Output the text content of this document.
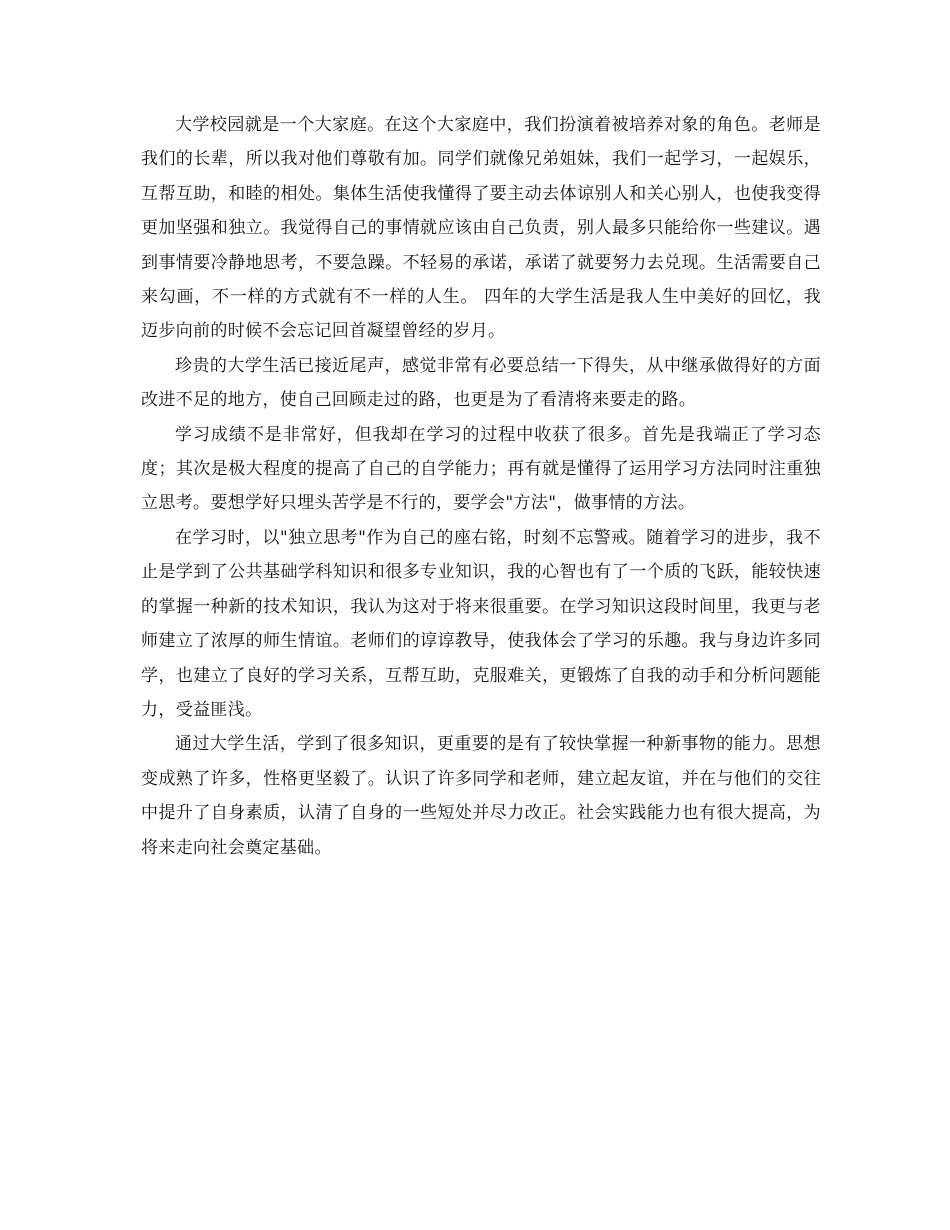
大学校园就是一个大家庭。在这个大家庭中，我们扮演着被培养对象的角色。老师是我们的长辈，所以我对他们尊敬有加。同学们就像兄弟姐妹，我们一起学习，一起娱乐，互帮互助，和睦的相处。集体生活使我懂得了要主动去体谅别人和关心别人，也使我变得更加坚强和独立。我觉得自己的事情就应该由自己负责，别人最多只能给你一些建议。遇到事情要冷静地思考，不要急躁。不轻易的承诺，承诺了就要努力去兑现。生活需要自己来勾画，不一样的方式就有不一样的人生。 四年的大学生活是我人生中美好的回忆，我迈步向前的时候不会忘记回首凝望曾经的岁月。

珍贵的大学生活已接近尾声，感觉非常有必要总结一下得失，从中继承做得好的方面改进不足的地方，使自己回顾走过的路，也更是为了看清将来要走的路。

学习成绩不是非常好，但我却在学习的过程中收获了很多。首先是我端正了学习态度；其次是极大程度的提高了自己的自学能力；再有就是懂得了运用学习方法同时注重独立思考。要想学好只埋头苦学是不行的，要学会"方法"，做事情的方法。

在学习时，以"独立思考"作为自己的座右铭，时刻不忘警戒。随着学习的进步，我不止是学到了公共基础学科知识和很多专业知识，我的心智也有了一个质的飞跃，能较快速的掌握一种新的技术知识，我认为这对于将来很重要。在学习知识这段时间里，我更与老师建立了浓厚的师生情谊。老师们的谆谆教导，使我体会了学习的乐趣。我与身边许多同学，也建立了良好的学习关系，互帮互助，克服难关，更锻炼了自我的动手和分析问题能力，受益匪浅。

通过大学生活，学到了很多知识，更重要的是有了较快掌握一种新事物的能力。思想变成熟了许多，性格更坚毅了。认识了许多同学和老师，建立起友谊，并在与他们的交往中提升了自身素质，认清了自身的一些短处并尽力改正。社会实践能力也有很大提高，为将来走向社会奠定基础。
